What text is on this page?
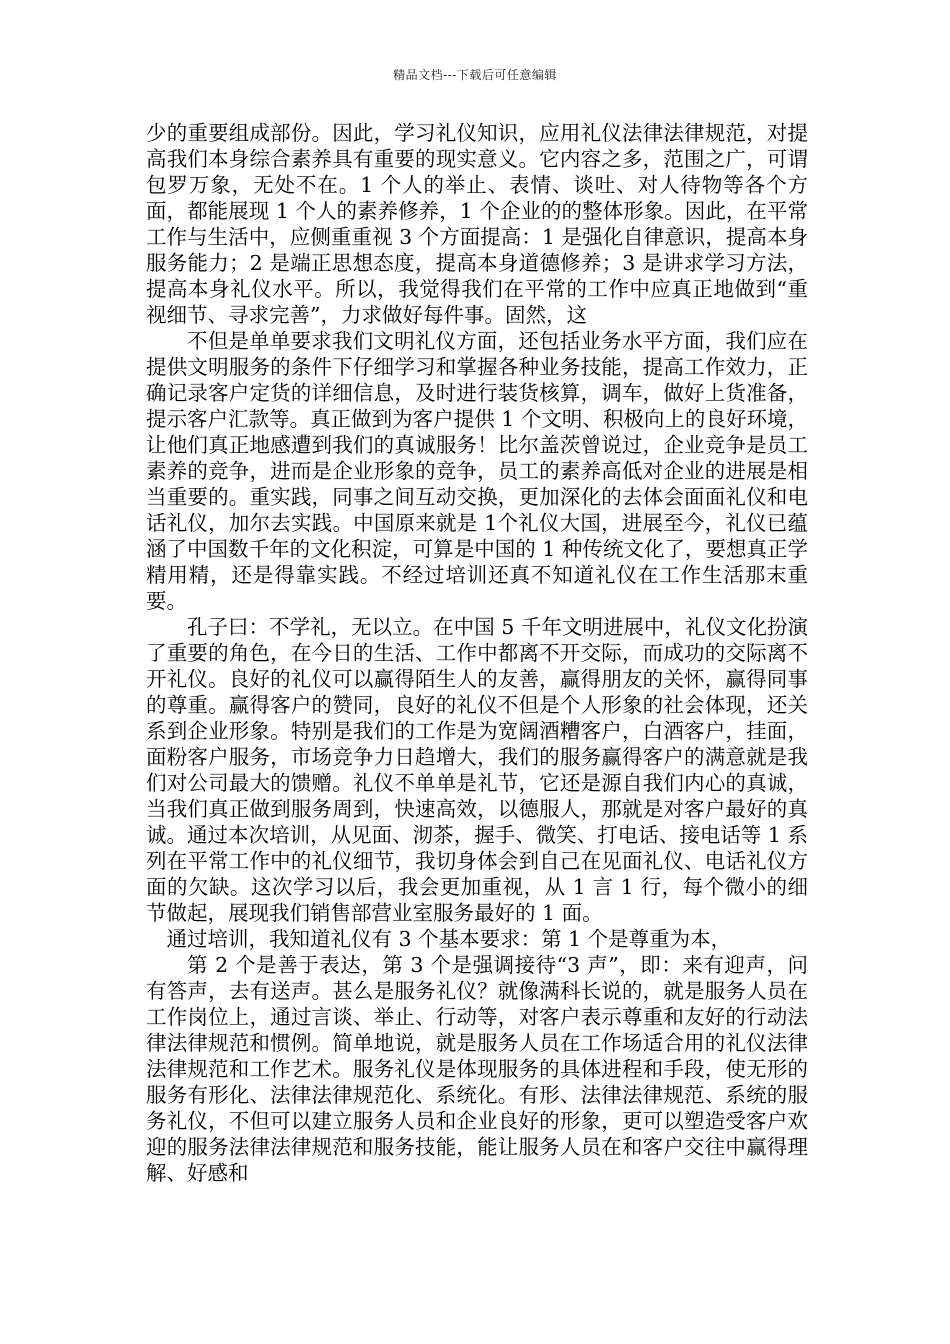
精品文档---下载后可任意编辑

少的重要组成部份。因此，学习礼仪知识，应用礼仪法律法律规范，对提高我们本身综合素养具有重要的现实意义。它内容之多，范围之广，可谓包罗万象，无处不在。1 个人的举止、表情、谈吐、对人待物等各个方面，都能展现 1 个人的素养修养，1 个企业的的整体形象。因此，在平常工作与生活中，应侧重重视 3 个方面提高：1 是强化自律意识，提高本身服务能力；2 是端正思想态度，提高本身道德修养；3 是讲求学习方法，提高本身礼仪水平。所以，我觉得我们在平常的工作中应真正地做到“重视细节、寻求完善”，力求做好每件事。固然，这

不但是单单要求我们文明礼仪方面，还包括业务水平方面，我们应在提供文明服务的条件下仔细学习和掌握各种业务技能，提高工作效力，正确记录客户定货的详细信息，及时进行装货核算，调车，做好上货准备，提示客户汇款等。真正做到为客户提供 1 个文明、积极向上的良好环境，让他们真正地感遭到我们的真诚服务！比尔盖茨曾说过，企业竞争是员工素养的竞争，进而是企业形象的竞争，员工的素养高低对企业的进展是相当重要的。重实践，同事之间互动交换，更加深化的去体会面面礼仪和电话礼仪，加尔去实践。中国原来就是 1个礼仪大国，进展至今，礼仪已蕴涵了中国数千年的文化积淀，可算是中国的 1 种传统文化了，要想真正学精用精，还是得靠实践。不经过培训还真不知道礼仪在工作生活那末重要。

孔子曰：不学礼，无以立。在中国 5 千年文明进展中，礼仪文化扮演了重要的角色，在今日的生活、工作中都离不开交际，而成功的交际离不开礼仪。良好的礼仪可以赢得陌生人的友善，赢得朋友的关怀，赢得同事的尊重。赢得客户的赞同，良好的礼仪不但是个人形象的社会体现，还关系到企业形象。特别是我们的工作是为宽阔酒糟客户，白酒客户，挂面，面粉客户服务，市场竞争力日趋增大，我们的服务赢得客户的满意就是我们对公司最大的馈赠。礼仪不单单是礼节，它还是源自我们内心的真诚，当我们真正做到服务周到，快速高效，以德服人，那就是对客户最好的真诚。通过本次培训，从见面、沏茶，握手、微笑、打电话、接电话等 1 系列在平常工作中的礼仪细节，我切身体会到自己在见面礼仪、电话礼仪方面的欠缺。这次学习以后，我会更加重视，从 1 言 1 行，每个微小的细节做起，展现我们销售部营业室服务最好的 1 面。

通过培训，我知道礼仪有 3 个基本要求：第 1 个是尊重为本，

第 2 个是善于表达，第 3 个是强调接待“3 声”，即：来有迎声，问有答声，去有送声。甚么是服务礼仪？就像满科长说的，就是服务人员在工作岗位上，通过言谈、举止、行动等，对客户表示尊重和友好的行动法律法律规范和惯例。简单地说，就是服务人员在工作场适合用的礼仪法律法律规范和工作艺术。服务礼仪是体现服务的具体进程和手段，使无形的服务有形化、法律法律规范化、系统化。有形、法律法律规范、系统的服务礼仪，不但可以建立服务人员和企业良好的形象，更可以塑造受客户欢迎的服务法律法律规范和服务技能，能让服务人员在和客户交往中赢得理解、好感和
